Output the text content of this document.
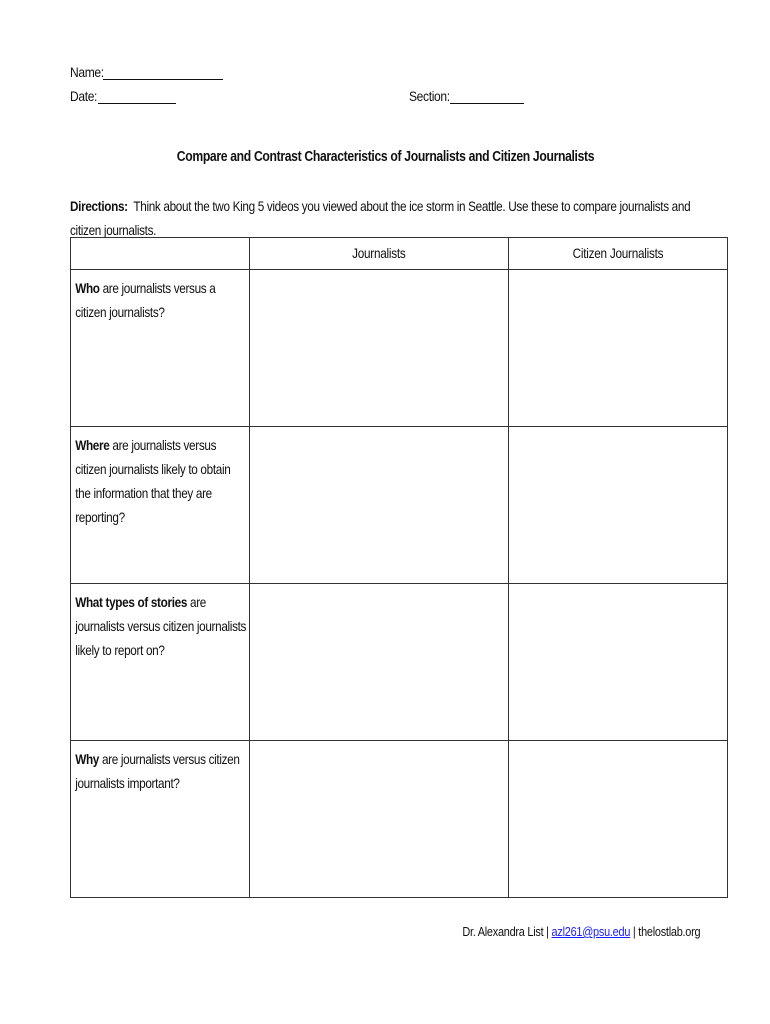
Name:
Date:	Section:
Compare and Contrast Characteristics of Journalists and Citizen Journalists
Directions: Think about the two King 5 videos you viewed about the ice storm in Seattle. Use these to compare journalists and
citizen journalists.
	Journalists	Citizen Journalists

Who are journalists versus a citizen journalists?		

Where are journalists versus citizen journalists likely to obtain the information that they are reporting?		

What types of stories are journalists versus citizen journalists likely to report on?		

Why are journalists versus citizen journalists important?		

Dr. Alexandra List | azl261@psu.edu | thelostlab.org
